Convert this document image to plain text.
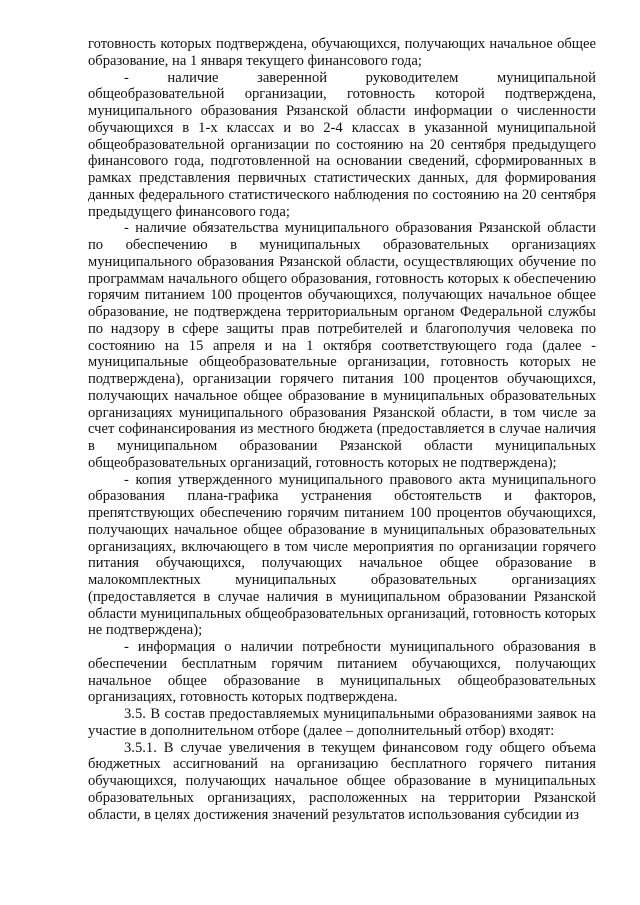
готовность которых подтверждена, обучающихся, получающих начальное общее образование, на 1 января текущего финансового года;

- наличие заверенной руководителем муниципальной общеобразовательной организации, готовность которой подтверждена, муниципального образования Рязанской области информации о численности обучающихся в 1-х классах и во 2-4 классах в указанной муниципальной общеобразовательной организации по состоянию на 20 сентября предыдущего финансового года, подготовленной на основании сведений, сформированных в рамках представления первичных статистических данных, для формирования данных федерального статистического наблюдения по состоянию на 20 сентября предыдущего финансового года;

- наличие обязательства муниципального образования Рязанской области по обеспечению в муниципальных образовательных организациях муниципального образования Рязанской области, осуществляющих обучение по программам начального общего образования, готовность которых к обеспечению горячим питанием 100 процентов обучающихся, получающих начальное общее образование, не подтверждена территориальным органом Федеральной службы по надзору в сфере защиты прав потребителей и благополучия человека по состоянию на 15 апреля и на 1 октября соответствующего года (далее - муниципальные общеобразовательные организации, готовность которых не подтверждена), организации горячего питания 100 процентов обучающихся, получающих начальное общее образование в муниципальных образовательных организациях муниципального образования Рязанской области, в том числе за счет софинансирования из местного бюджета (предоставляется в случае наличия в муниципальном образовании Рязанской области муниципальных общеобразовательных организаций, готовность которых не подтверждена);

- копия утвержденного муниципального правового акта муниципального образования плана-графика устранения обстоятельств и факторов, препятствующих обеспечению горячим питанием 100 процентов обучающихся, получающих начальное общее образование в муниципальных образовательных организациях, включающего в том числе мероприятия по организации горячего питания обучающихся, получающих начальное общее образование в малокомплектных муниципальных образовательных организациях (предоставляется в случае наличия в муниципальном образовании Рязанской области муниципальных общеобразовательных организаций, готовность которых не подтверждена);

- информация о наличии потребности муниципального образования в обеспечении бесплатным горячим питанием обучающихся, получающих начальное общее образование в муниципальных общеобразовательных организациях, готовность которых подтверждена.

3.5. В состав предоставляемых муниципальными образованиями заявок на участие в дополнительном отборе (далее – дополнительный отбор) входят:

3.5.1. В случае увеличения в текущем финансовом году общего объема бюджетных ассигнований на организацию бесплатного горячего питания обучающихся, получающих начальное общее образование в муниципальных образовательных организациях, расположенных на территории Рязанской области, в целях достижения значений результатов использования субсидии из
